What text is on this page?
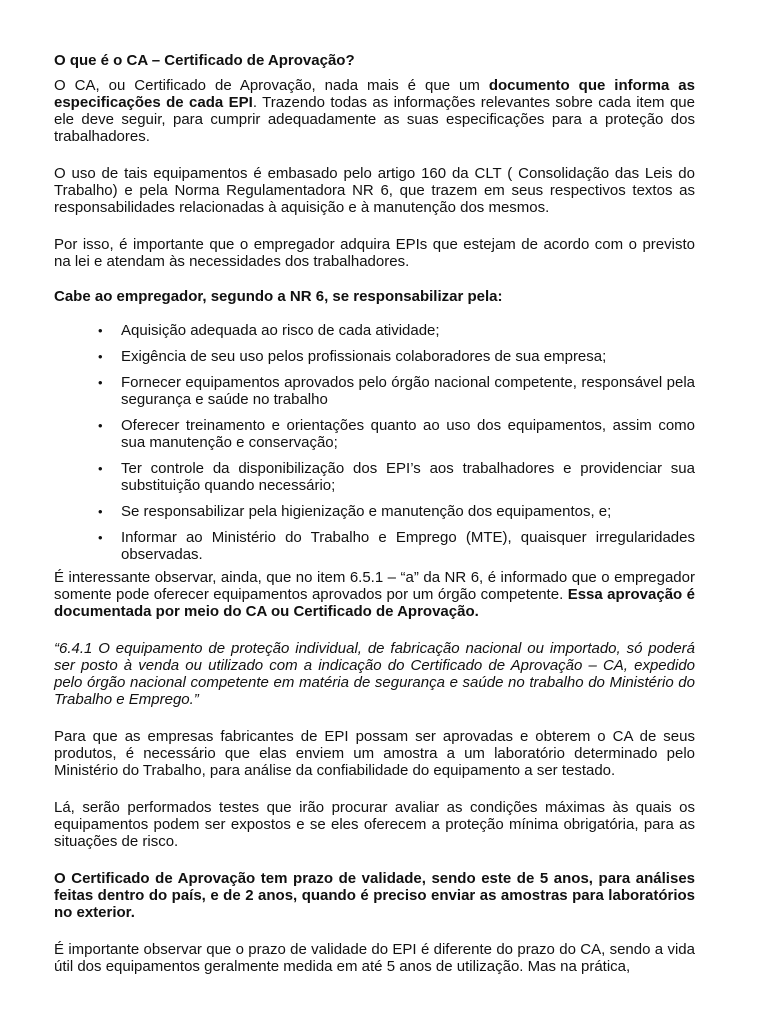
O que é o CA – Certificado de Aprovação?

O CA, ou Certificado de Aprovação, nada mais é que um documento que informa as especificações de cada EPI. Trazendo todas as informações relevantes sobre cada item que ele deve seguir, para cumprir adequadamente as suas especificações para a proteção dos trabalhadores.

O uso de tais equipamentos é embasado pelo artigo 160 da CLT ( Consolidação das Leis do Trabalho) e pela Norma Regulamentadora NR 6, que trazem em seus respectivos textos as responsabilidades relacionadas à aquisição e à manutenção dos mesmos.

Por isso, é importante que o empregador adquira EPIs que estejam de acordo com o previsto na lei e atendam às necessidades dos trabalhadores.

Cabe ao empregador, segundo a NR 6, se responsabilizar pela:

• Aquisição adequada ao risco de cada atividade;
• Exigência de seu uso pelos profissionais colaboradores de sua empresa;
• Fornecer equipamentos aprovados pelo órgão nacional competente, responsável pela segurança e saúde no trabalho
• Oferecer treinamento e orientações quanto ao uso dos equipamentos, assim como sua manutenção e conservação;
• Ter controle da disponibilização dos EPI’s aos trabalhadores e providenciar sua substituição quando necessário;
• Se responsabilizar pela higienização e manutenção dos equipamentos, e;
• Informar ao Ministério do Trabalho e Emprego (MTE), quaisquer irregularidades observadas.

É interessante observar, ainda, que no item 6.5.1 – “a” da NR 6, é informado que o empregador somente pode oferecer equipamentos aprovados por um órgão competente. Essa aprovação é documentada por meio do CA ou Certificado de Aprovação.

“6.4.1 O equipamento de proteção individual, de fabricação nacional ou importado, só poderá ser posto à venda ou utilizado com a indicação do Certificado de Aprovação – CA, expedido pelo órgão nacional competente em matéria de segurança e saúde no trabalho do Ministério do Trabalho e Emprego.”

Para que as empresas fabricantes de EPI possam ser aprovadas e obterem o CA de seus produtos, é necessário que elas enviem um amostra a um laboratório determinado pelo Ministério do Trabalho, para análise da confiabilidade do equipamento a ser testado.

Lá, serão performados testes que irão procurar avaliar as condições máximas às quais os equipamentos podem ser expostos e se eles oferecem a proteção mínima obrigatória, para as situações de risco.

O Certificado de Aprovação tem prazo de validade, sendo este de 5 anos, para análises feitas dentro do país, e de 2 anos, quando é preciso enviar as amostras para laboratórios no exterior.

É importante observar que o prazo de validade do EPI é diferente do prazo do CA, sendo a vida útil dos equipamentos geralmente medida em até 5 anos de utilização. Mas na prática,
